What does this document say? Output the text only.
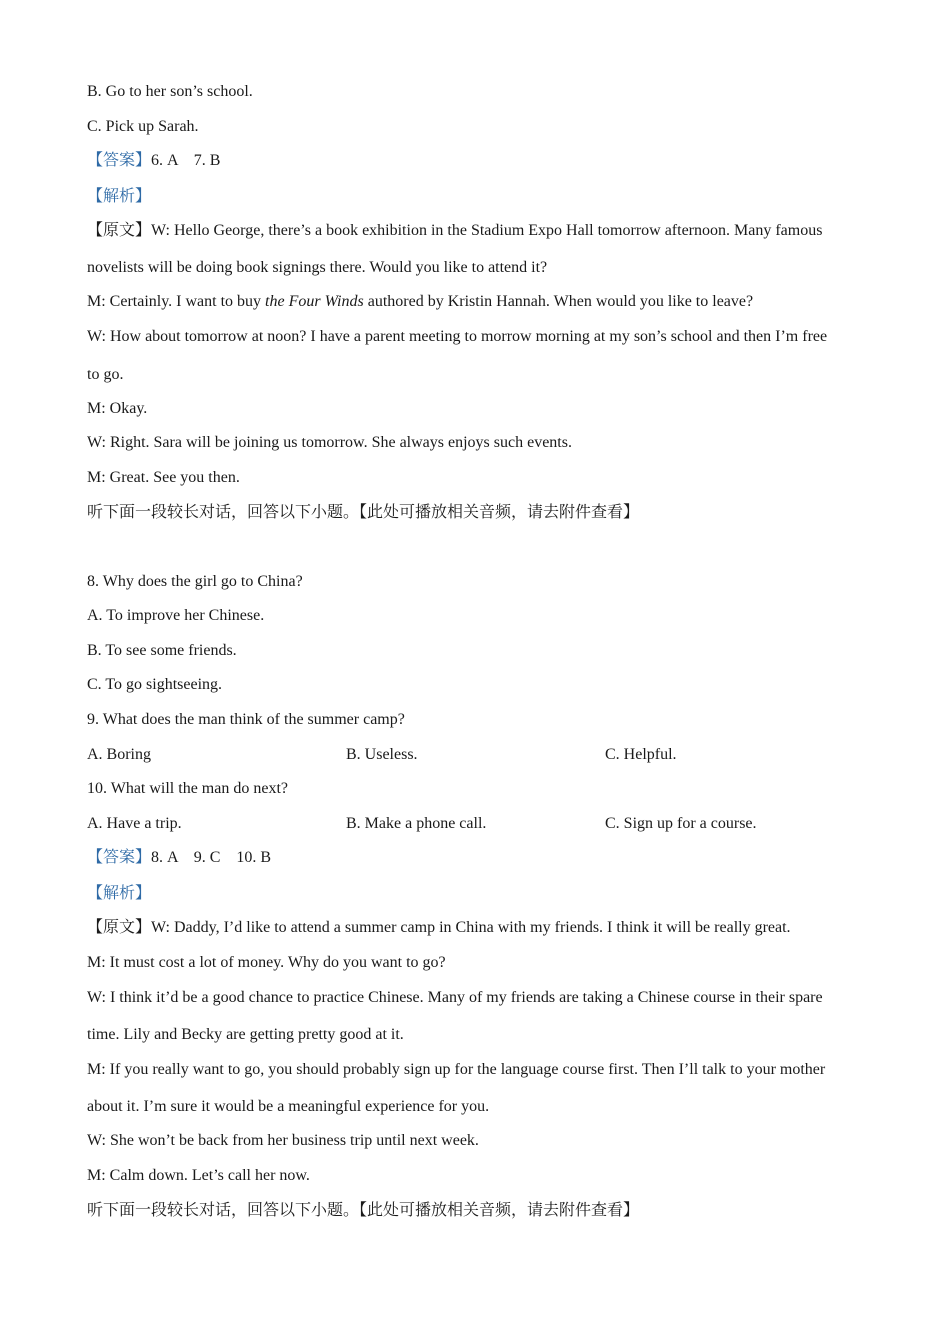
B. Go to her son’s school.
C. Pick up Sarah.
【答案】6. A　7. B
【解析】
【原文】W: Hello George, there’s a book exhibition in the Stadium Expo Hall tomorrow afternoon. Many famous
novelists will be doing book signings there. Would you like to attend it?
M: Certainly. I want to buy the Four Winds authored by Kristin Hannah. When would you like to leave?
W: How about tomorrow at noon? I have a parent meeting to morrow morning at my son’s school and then I’m free
to go.
M: Okay.
W: Right. Sara will be joining us tomorrow. She always enjoys such events.
M: Great. See you then.
听下面一段较长对话，回答以下小题。【此处可播放相关音频，请去附件查看】
8. Why does the girl go to China?
A. To improve her Chinese.
B. To see some friends.
C. To go sightseeing.
9. What does the man think of the summer camp?
A. Boring	B. Useless.	C. Helpful.
10. What will the man do next?
A. Have a trip.	B. Make a phone call.	C. Sign up for a course.
【答案】8. A　9. C　10. B
【解析】
【原文】W: Daddy, I’d like to attend a summer camp in China with my friends. I think it will be really great.
M: It must cost a lot of money. Why do you want to go?
W: I think it’d be a good chance to practice Chinese. Many of my friends are taking a Chinese course in their spare
time. Lily and Becky are getting pretty good at it.
M: If you really want to go, you should probably sign up for the language course first. Then I’ll talk to your mother
about it. I’m sure it would be a meaningful experience for you.
W: She won’t be back from her business trip until next week.
M: Calm down. Let’s call her now.
听下面一段较长对话，回答以下小题。【此处可播放相关音频，请去附件查看】
